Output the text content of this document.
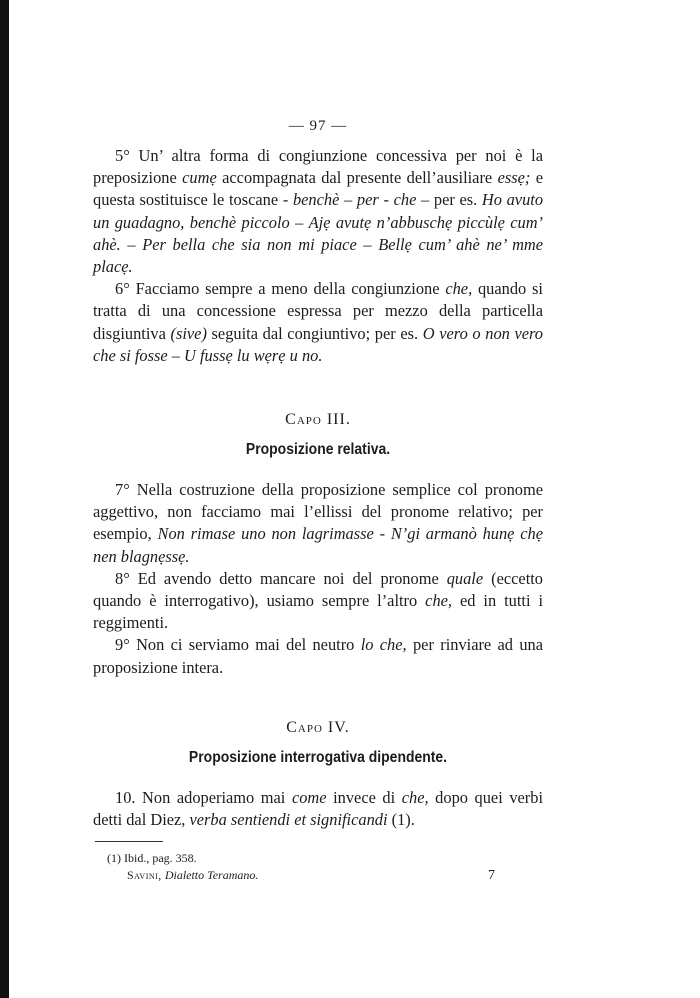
— 97 —

5° Un’ altra forma di congiunzione concessiva per noi è la preposizione cumẹ accompagnata dal presente dell’ausiliare essẹ; e questa sostituisce le toscane - benchè – per - che – per es. Ho avuto un guadagno, benchè piccolo – Ajẹ avutẹ n’abbuschẹ piccùlẹ cum’ ahè. – Per bella che sia non mi piace – Bellẹ cum’ ahè ne’ mme placẹ.

6° Facciamo sempre a meno della congiunzione che, quando si tratta di una concessione espressa per mezzo della particella disgiuntiva (sive) seguita dal congiuntivo; per es. O vero o non vero che si fosse – U fussẹ lu wẹrẹ u no.

Capo III.
Proposizione relativa.

7° Nella costruzione della proposizione semplice col pronome aggettivo, non facciamo mai l’ellissi del pronome relativo; per esempio, Non rimase uno non lagrimasse - N’gi armanò hunẹ chẹ nen blagnẹssẹ.

8° Ed avendo detto mancare noi del pronome quale (eccetto quando è interrogativo), usiamo sempre l’altro che, ed in tutti i reggimenti.

9° Non ci serviamo mai del neutro lo che, per rinviare ad una proposizione intera.

Capo IV.
Proposizione interrogativa dipendente.

10. Non adoperiamo mai come invece di che, dopo quei verbi detti dal Diez, verba sentiendi et significandi (1).

(1) Ibid., pag. 358.

Savini, Dialetto Teramano.	7
